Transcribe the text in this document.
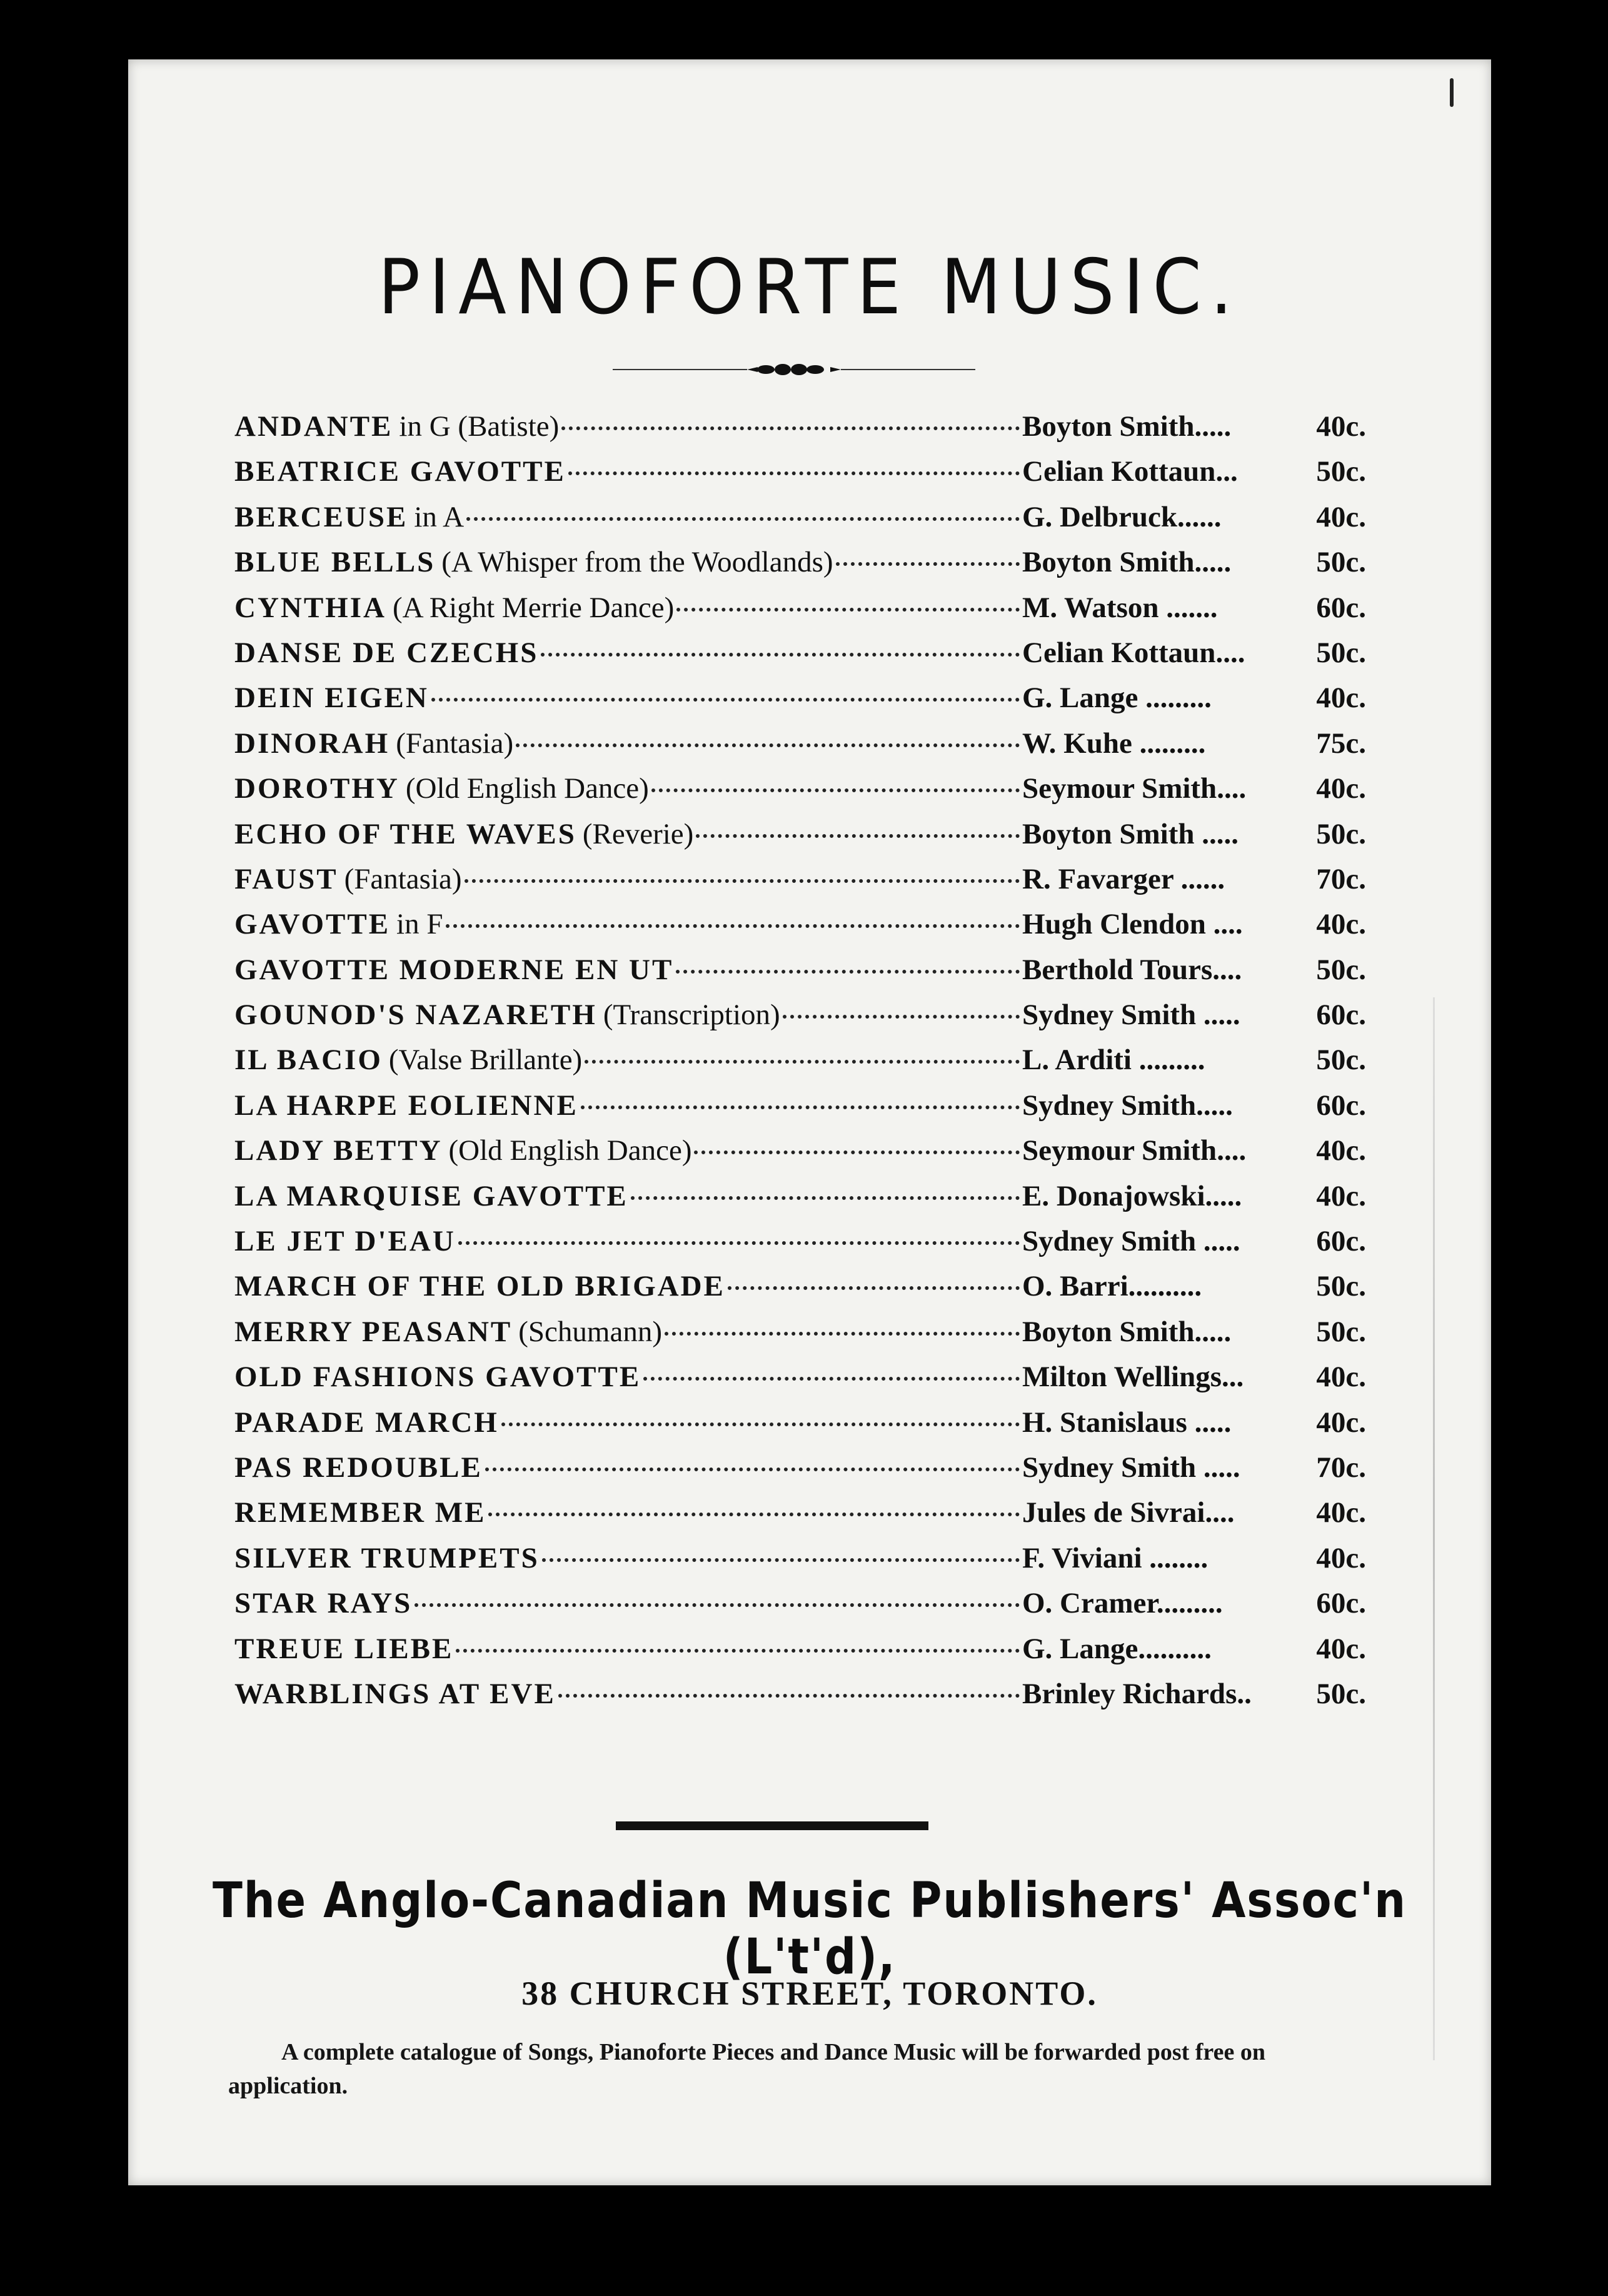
PIANOFORTE MUSIC.
ANDANTE in G (Batiste)	Boyton Smith.....	40c.
BEATRICE GAVOTTE	Celian Kottaun...	50c.
BERCEUSE in A	G. Delbruck......	40c.
BLUE BELLS (A Whisper from the Woodlands)	Boyton Smith.....	50c.
CYNTHIA (A Right Merrie Dance)	M. Watson .......	60c.
DANSE DE CZECHS	Celian Kottaun....	50c.
DEIN EIGEN	G. Lange .........	40c.
DINORAH (Fantasia)	W. Kuhe .........	75c.
DOROTHY (Old English Dance)	Seymour Smith....	40c.
ECHO OF THE WAVES (Reverie)	Boyton Smith .....	50c.
FAUST (Fantasia)	R. Favarger ......	70c.
GAVOTTE in F	Hugh Clendon ....	40c.
GAVOTTE MODERNE EN UT	Berthold Tours....	50c.
GOUNOD'S NAZARETH (Transcription)	Sydney Smith .....	60c.
IL BACIO (Valse Brillante)	L. Arditi .........	50c.
LA HARPE EOLIENNE	Sydney Smith.....	60c.
LADY BETTY (Old English Dance)	Seymour Smith....	40c.
LA MARQUISE GAVOTTE	E. Donajowski.....	40c.
LE JET D'EAU	Sydney Smith .....	60c.
MARCH OF THE OLD BRIGADE	O. Barri..........	50c.
MERRY PEASANT (Schumann)	Boyton Smith.....	50c.
OLD FASHIONS GAVOTTE	Milton Wellings...	40c.
PARADE MARCH	H. Stanislaus .....	40c.
PAS REDOUBLE	Sydney Smith .....	70c.
REMEMBER ME	Jules de Sivrai....	40c.
SILVER TRUMPETS	F. Viviani ........	40c.
STAR RAYS	O. Cramer.........	60c.
TREUE LIEBE	G. Lange..........	40c.
WARBLINGS AT EVE	Brinley Richards..	50c.
The Anglo-Canadian Music Publishers' Assoc'n (L't'd),
38 CHURCH STREET, TORONTO.
A complete catalogue of Songs, Pianoforte Pieces and Dance Music will be forwarded post free on application.
